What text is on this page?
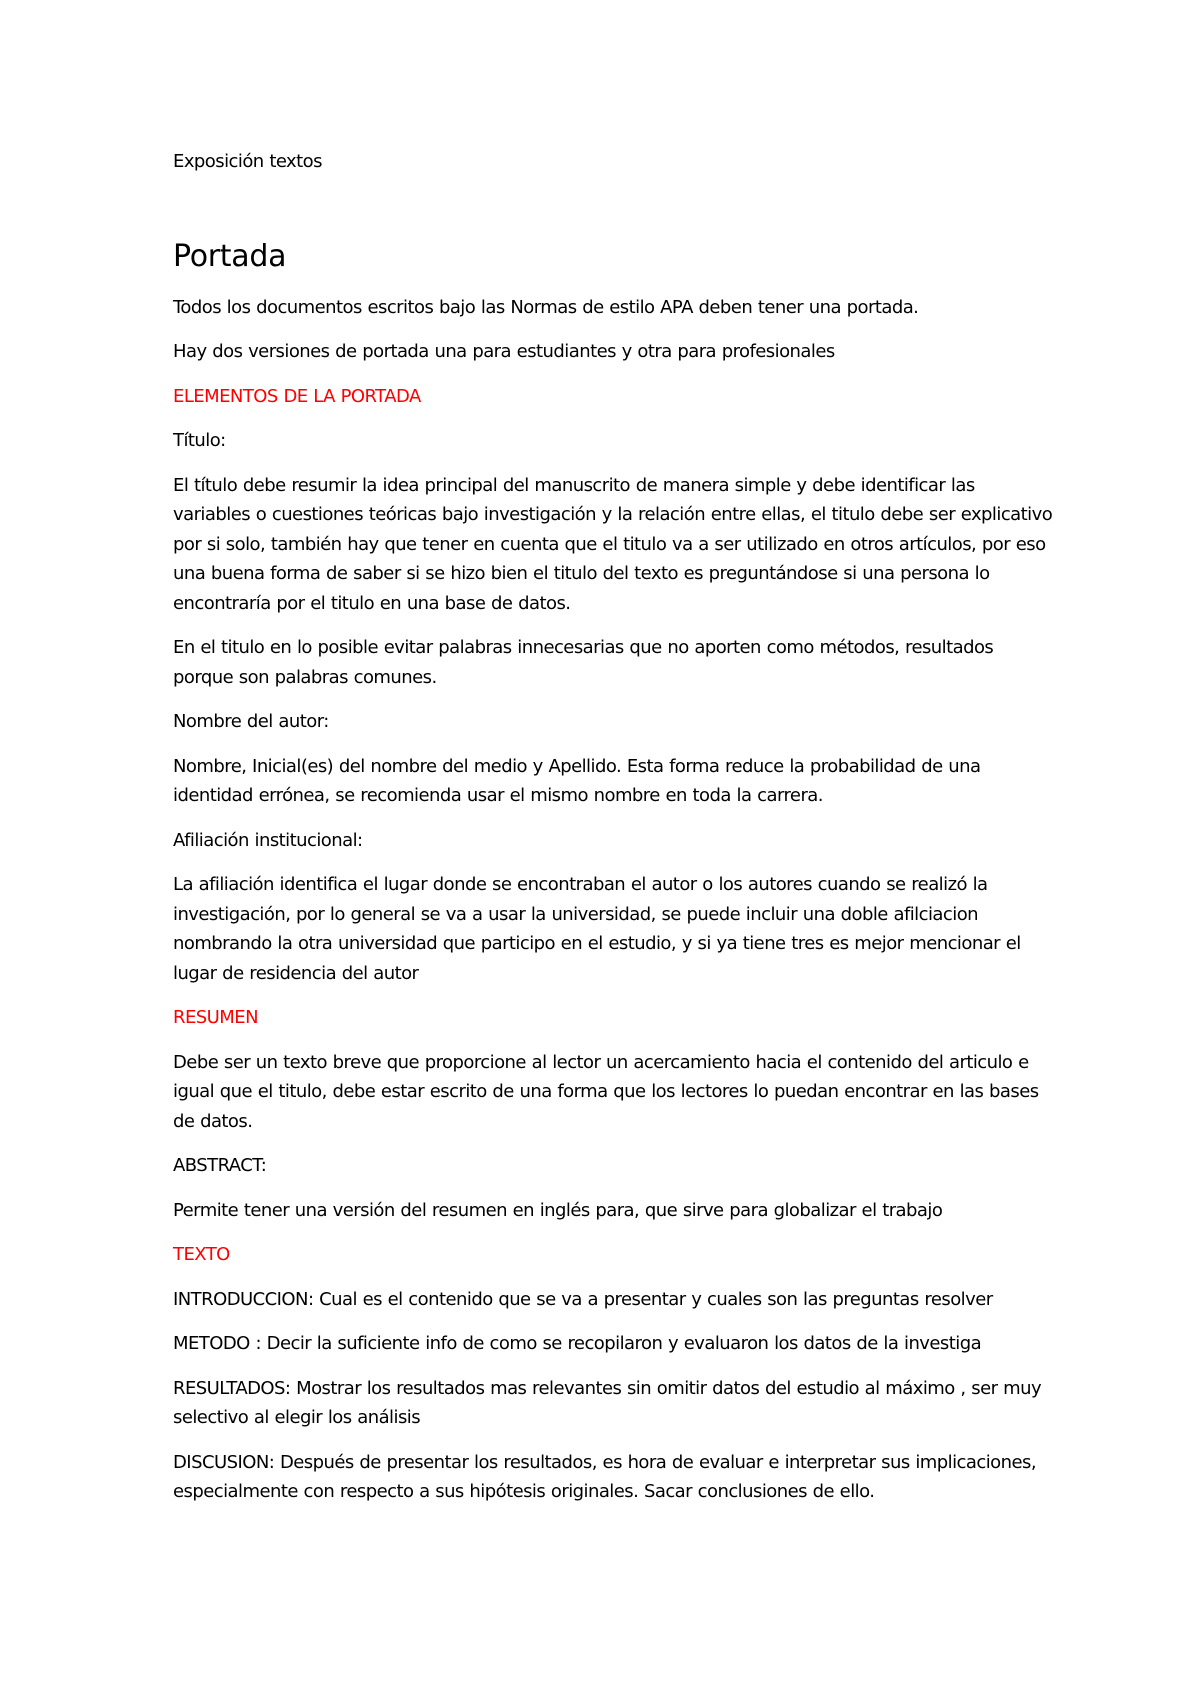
Exposición textos

Portada

Todos los documentos escritos bajo las Normas de estilo APA deben tener una portada.

Hay dos versiones de portada una para estudiantes y otra para profesionales

ELEMENTOS DE LA PORTADA

Título:

El título debe resumir la idea principal del manuscrito de manera simple y debe identificar las variables o cuestiones teóricas bajo investigación y la relación entre ellas, el titulo debe ser explicativo por si solo, también hay que tener en cuenta que el titulo va a ser utilizado en otros artículos, por eso una buena forma de saber si se hizo bien el titulo del texto es preguntándose si una persona lo encontraría por el titulo en una base de datos.

En el titulo en lo posible evitar palabras innecesarias que no aporten como métodos, resultados porque son palabras comunes.

Nombre del autor:

Nombre, Inicial(es) del nombre del medio y Apellido. Esta forma reduce la probabilidad de una identidad errónea, se recomienda usar el mismo nombre en toda la carrera.

Afiliación institucional:

La afiliación identifica el lugar donde se encontraban el autor o los autores cuando se realizó la investigación, por lo general se va a usar la universidad, se puede incluir una doble afilciacion nombrando la otra universidad que participo en el estudio, y si ya tiene tres es mejor mencionar el lugar de residencia del autor

RESUMEN

Debe ser un texto breve que proporcione al lector un acercamiento hacia el contenido del articulo e igual que el titulo, debe estar escrito de una forma que los lectores lo puedan encontrar en las bases de datos.

ABSTRACT:

Permite tener una versión del resumen en inglés para, que sirve para globalizar el trabajo

TEXTO

INTRODUCCION: Cual es el contenido que se va a presentar y cuales son las preguntas resolver

METODO : Decir la suficiente info de como se recopilaron y evaluaron los datos de la investiga

RESULTADOS: Mostrar los resultados mas relevantes sin omitir datos del estudio al máximo , ser muy selectivo al elegir los análisis

DISCUSION: Después de presentar los resultados, es hora de evaluar e interpretar sus implicaciones, especialmente con respecto a sus hipótesis originales. Sacar conclusiones de ello.
